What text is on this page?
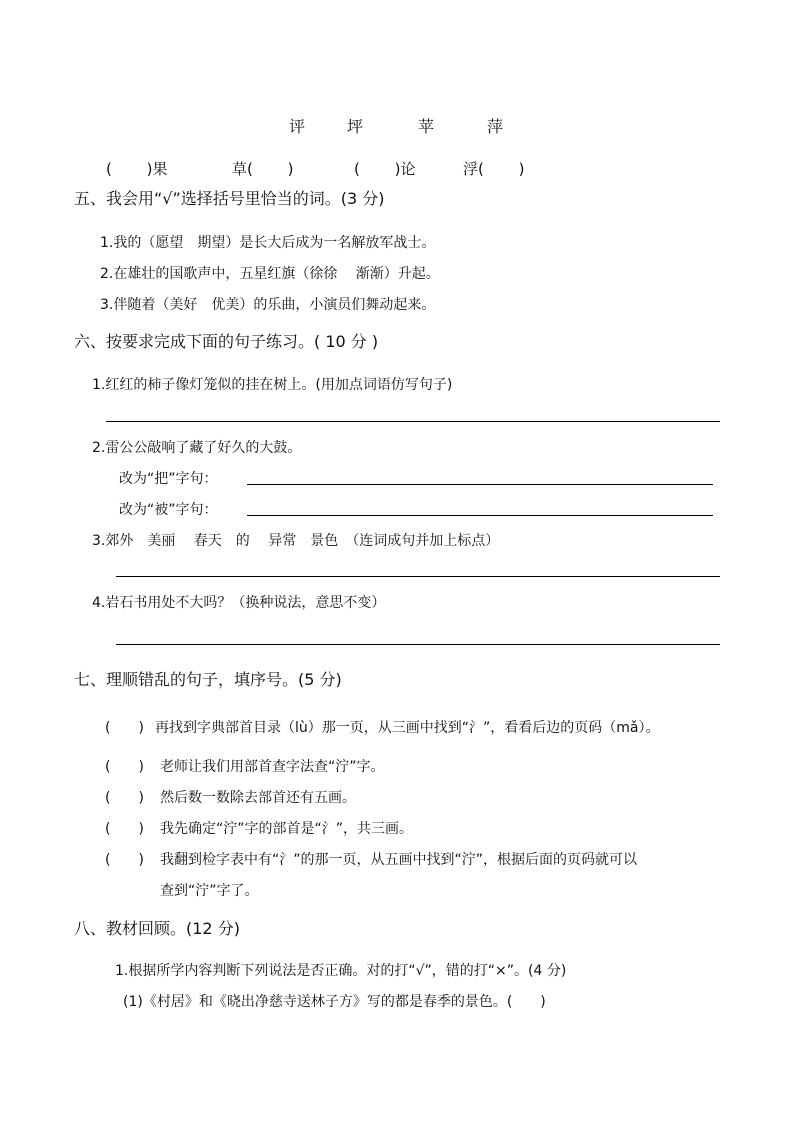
评	坪	苹	萍
(　　 )果	草(　　 )	(　　 )论	浮(　　 )
五、我会用“√”选择括号里恰当的词。(3 分)
1.我的（愿望　期望）是长大后成为一名解放军战士。
2.在雄壮的国歌声中，五星红旗（徐徐　 渐渐）升起。
3.伴随着（美好　优美）的乐曲，小演员们舞动起来。
六、按要求完成下面的句子练习。( 10 分 )
1.红红的柿子像灯笼似的挂在树上。(用加点词语仿写句子)
2.雷公公敲响了藏了好久的大鼓。
改为“把”字句：
改为“被”字句：
3.郊外　美丽　 春天　的　 异常　景色　（连词成句并加上标点）
4.岩石书用处不大吗？（换种说法，意思不变）
七、理顺错乱的句子，填序号。(5 分)
(　　) 再找到字典部首目录（lù）那一页，从三画中找到“氵”，看看后边的页码（mǎ）。
(　　) 老师让我们用部首查字法查“泞”字。
(　　) 然后数一数除去部首还有五画。
(　　) 我先确定“泞”字的部首是“氵”，共三画。
(　　) 我翻到检字表中有“氵”的那一页，从五画中找到“泞”，根据后面的页码就可以
查到“泞”字了。
八、教材回顾。(12 分)
1.根据所学内容判断下列说法是否正确。对的打“√”，错的打“×”。(4 分)
(1)《村居》和《晓出净慈寺送林子方》写的都是春季的景色。(　　)
